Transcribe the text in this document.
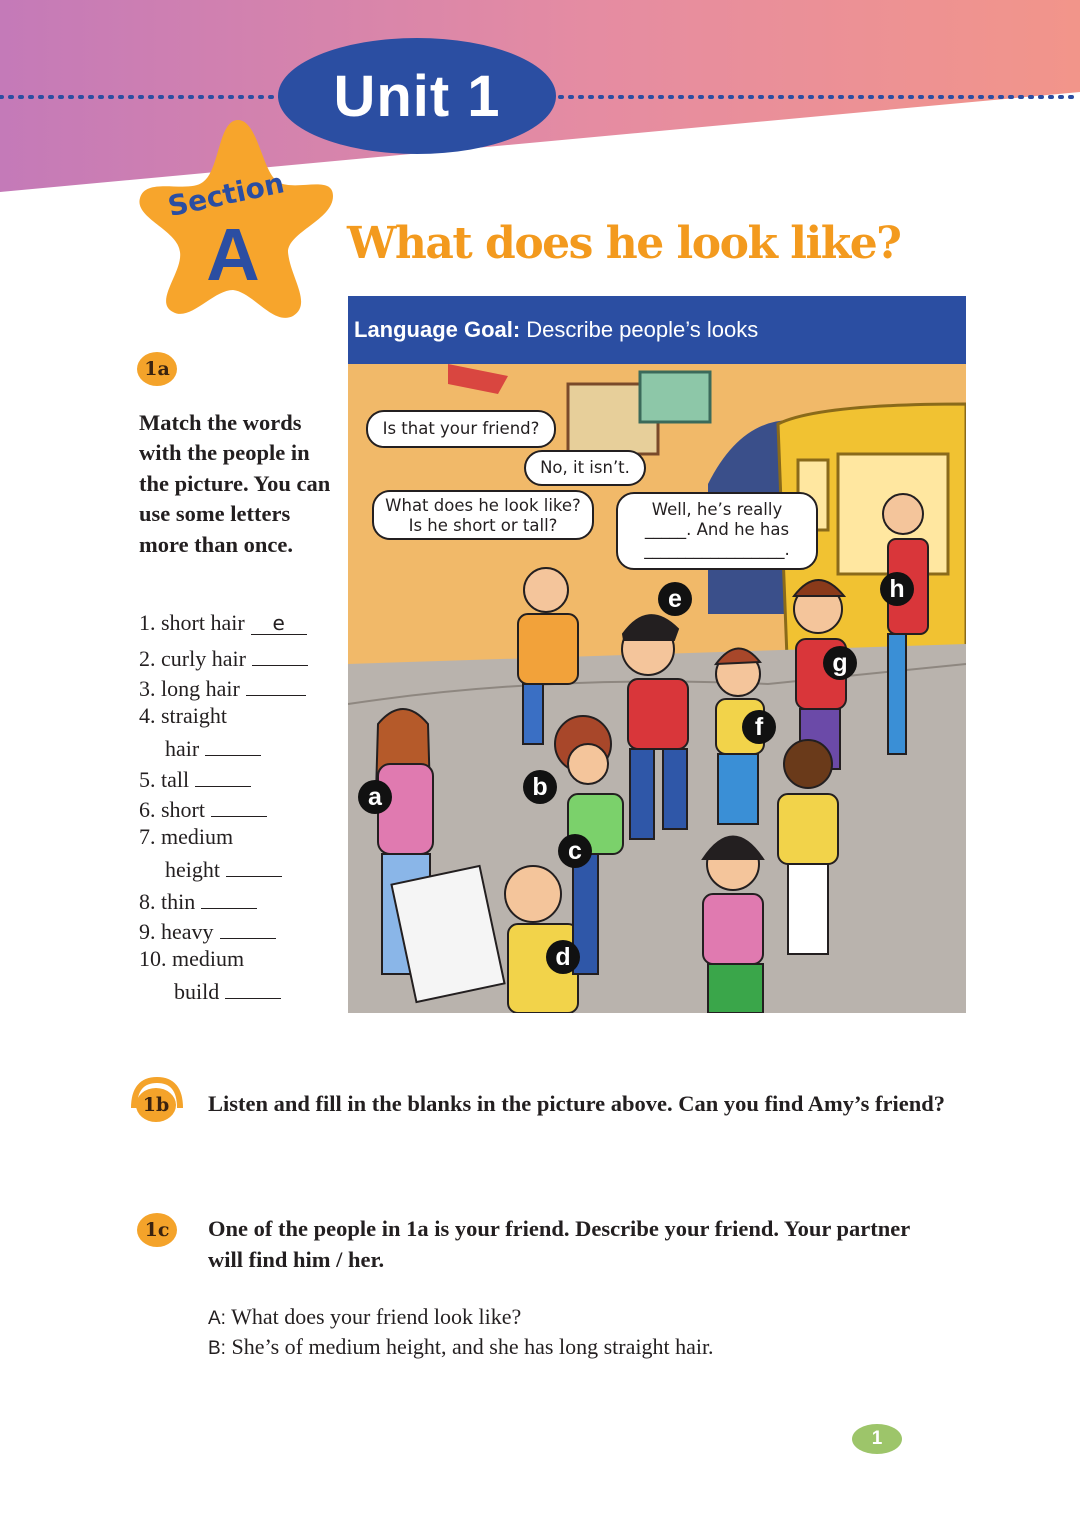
Unit 1
Section
A What does he look like?
1a
Match the words with the people in the picture. You can use some letters more than once.
1. short hair e
2. curly hair
3. long hair
4. straight
hair
5. tall
6. short
7. medium
height
8. thin
9. heavy
10. medium
build
Language Goal: Describe people’s looks
Is that your friend?
No, it isn’t.
What does he look like?
Is he short or tall?
Well, he’s really
_____. And he has
_________________.
a	b
c
d
e
f
g
h
1b	Listen and fill in the blanks in the picture above. Can you find Amy’s friend?
1c	One of the people in 1a is your friend. Describe your friend. Your partner will find him / her.
A: What does your friend look like?
B: She’s of medium height, and she has long straight hair.
1
